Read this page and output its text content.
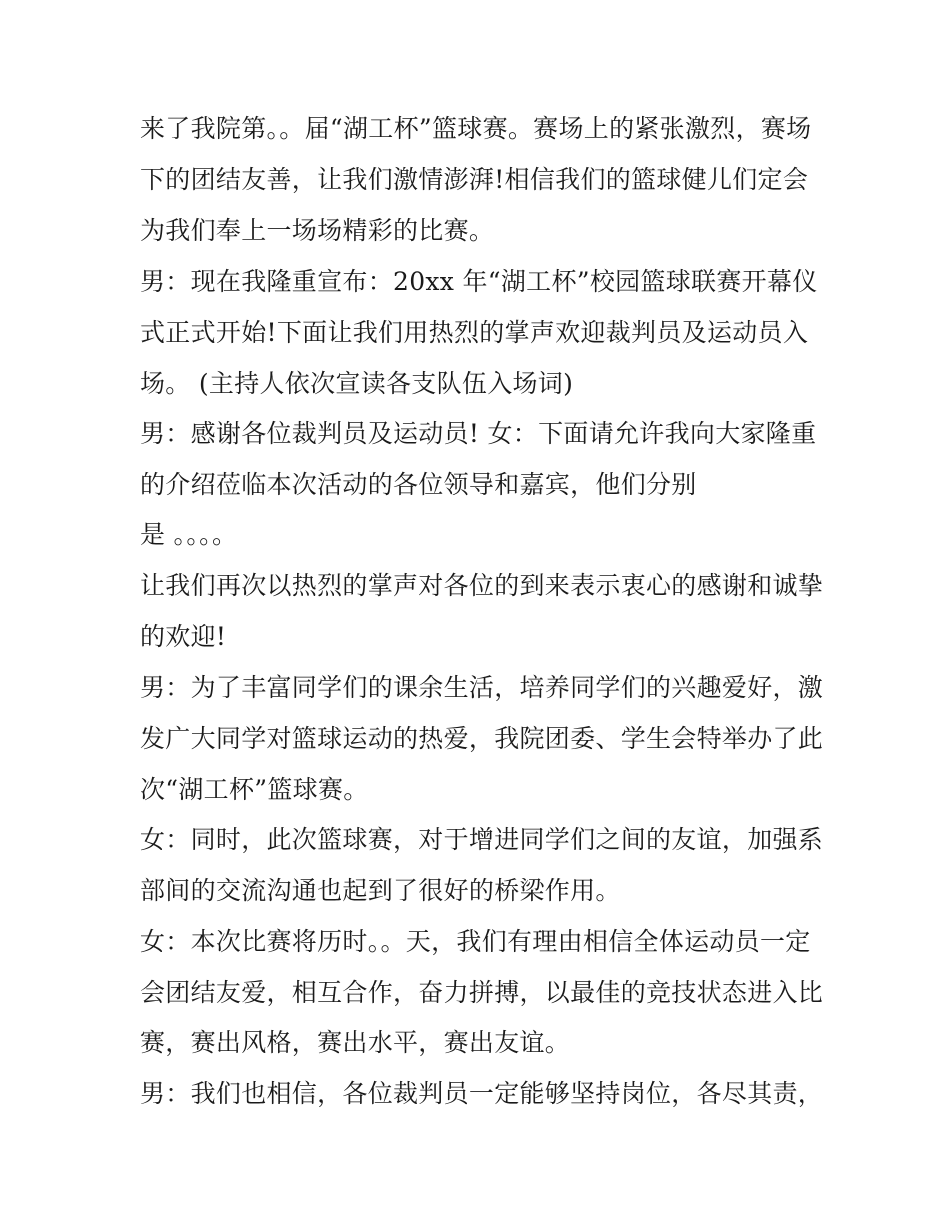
来了我院第。。届“湖工杯”篮球赛。赛场上的紧张激烈，赛场
下的团结友善，让我们激情澎湃!相信我们的篮球健儿们定会
为我们奉上一场场精彩的比赛。
男：现在我隆重宣布：20xx 年“湖工杯”校园篮球联赛开幕仪
式正式开始!下面让我们用热烈的掌声欢迎裁判员及运动员入
场。 (主持人依次宣读各支队伍入场词)
男：感谢各位裁判员及运动员! 女：下面请允许我向大家隆重
的介绍莅临本次活动的各位领导和嘉宾，他们分别
是 。。。。
让我们再次以热烈的掌声对各位的到来表示衷心的感谢和诚挚
的欢迎!
男：为了丰富同学们的课余生活，培养同学们的兴趣爱好，激
发广大同学对篮球运动的热爱，我院团委、学生会特举办了此
次“湖工杯”篮球赛。
女：同时，此次篮球赛，对于增进同学们之间的友谊，加强系
部间的交流沟通也起到了很好的桥梁作用。
女：本次比赛将历时。。天，我们有理由相信全体运动员一定
会团结友爱，相互合作，奋力拼搏，以最佳的竞技状态进入比
赛，赛出风格，赛出水平，赛出友谊。
男：我们也相信，各位裁判员一定能够坚持岗位，各尽其责，
